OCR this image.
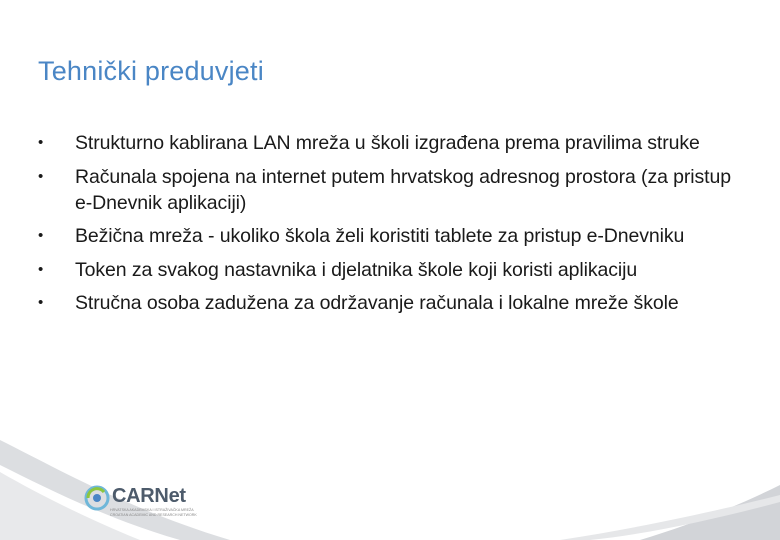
Tehnički preduvjeti
• Strukturno kablirana LAN mreža u školi izgrađena prema pravilima struke
• Računala spojena na internet putem hrvatskog adresnog prostora (za pristup e-Dnevnik aplikaciji)
• Bežična mreža - ukoliko škola želi koristiti tablete za pristup e-Dnevniku
• Token za svakog nastavnika i djelatnika škole koji koristi aplikaciju
• Stručna osoba zadužena za održavanje računala i lokalne mreže škole
CARNet
HRVATSKA AKADEMSKA I ISTRAŽIVAČKA MREŽA
CROATIAN ACADEMIC AND RESEARCH NETWORK
